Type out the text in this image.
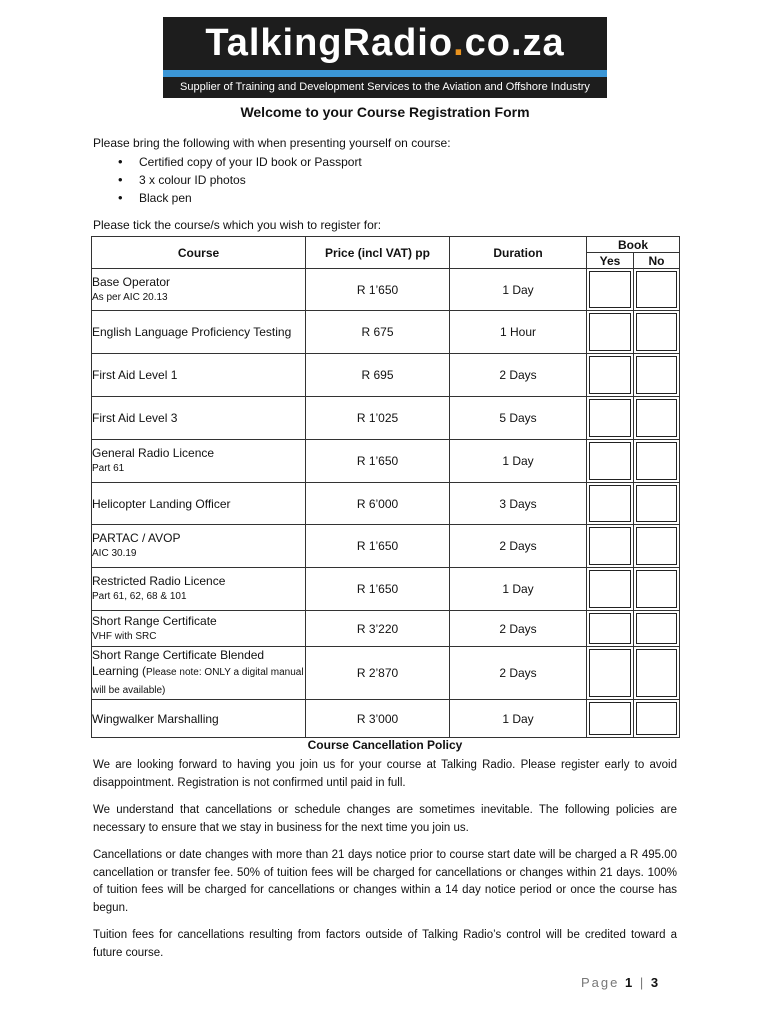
TalkingRadio.co.za
Supplier of Training and Development Services to the Aviation and Offshore Industry
Welcome to your Course Registration Form
Please bring the following with when presenting yourself on course:
• Certified copy of your ID book or Passport
• 3 x colour ID photos
• Black pen
Please tick the course/s which you wish to register for:
Course	Price (incl VAT) pp	Duration	Book	
			Yes	No
Base Operator
As per AIC 20.13	R 1’650	1 Day	

English Language Proficiency Testing	R 675	1 Hour	

First Aid Level 1	R 695	2 Days	

First Aid Level 3	R 1’025	5 Days	

General Radio Licence
Part 61	R 1’650	1 Day	

Helicopter Landing Officer	R 6’000	3 Days	

PARTAC / AVOP
AIC 30.19	R 1’650	2 Days	

Restricted Radio Licence
Part 61, 62, 68 & 101	R 1’650	1 Day	

Short Range Certificate
VHF with SRC	R 3’220	2 Days	

Short Range Certificate Blended Learning (Please note: ONLY a digital manual will be available)	R 2’870	2 Days	

Wingwalker Marshalling	R 3’000	1 Day	

Course Cancellation Policy

We are looking forward to having you join us for your course at Talking Radio. Please register early to avoid disappointment. Registration is not confirmed until paid in full.

We understand that cancellations or schedule changes are sometimes inevitable. The following policies are necessary to ensure that we stay in business for the next time you join us.

Cancellations or date changes with more than 21 days notice prior to course start date will be charged a R 495.00 cancellation or transfer fee. 50% of tuition fees will be charged for cancellations or changes within 21 days. 100% of tuition fees will be charged for cancellations or changes within a 14 day notice period or once the course has begun.

Tuition fees for cancellations resulting from factors outside of Talking Radio’s control will be credited toward a future course.

Page 1 | 3
